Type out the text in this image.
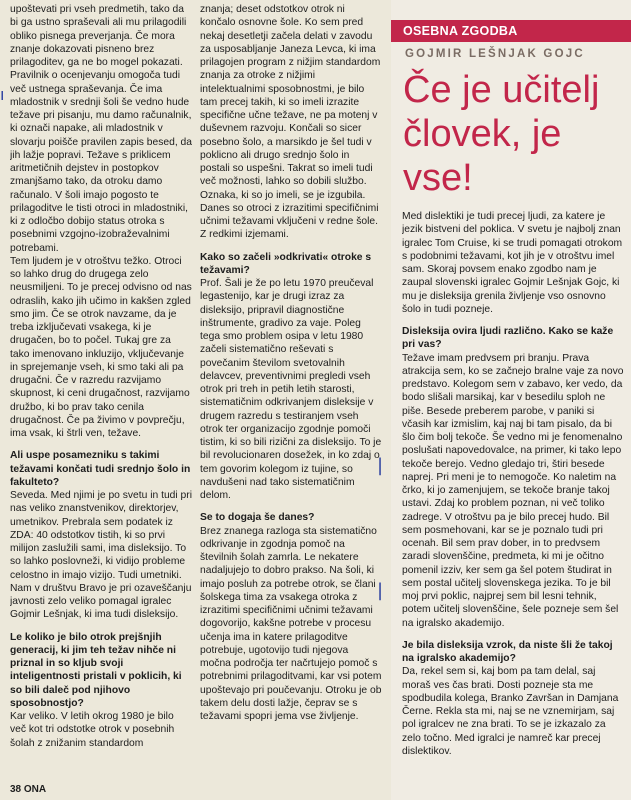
upoštevati pri vseh predmetih, tako da bi ga ustno spraševali ali mu prilagodili obliko pisnega preverjanja. Če mora znanje dokazovati pisneno brez prilagoditev, ga ne bo mogel pokazati. Pravilnik o ocenjevanju omogoča tudi več ustnega spraševanja. Če ima mladostnik v srednji šoli še vedno hude težave pri pisanju, mu damo računalnik, ki označi napake, ali mladostnik v slovarju poišče pravilen zapis besed, da jih lažje popravi. Težave s priklicem aritmetičnih dejstev in postopkov zmanjšamo tako, da otroku damo računalo. V šoli imajo pogosto te prilagoditve le tisti otroci in mladostniki, ki z odločbo dobijo status otroka s posebnimi vzgojno-izobraževalnimi potrebami.

Tem ljudem je v otroštvu težko. Otroci so lahko drug do drugega zelo neusmiljeni. To je precej odvisno od nas odraslih, kako jih učimo in kakšen zgled smo jim. Če se otrok navzame, da je treba izključevati vsakega, ki je drugačen, bo to počel. Tukaj gre za tako imenovano inkluzijo, vključevanje in sprejemanje vseh, ki smo taki ali pa drugačni. Če v razredu razvijamo skupnost, ki ceni drugačnost, razvijamo družbo, ki bo prav tako cenila drugačnost. Če pa živimo v povprečju, ima vsak, ki štrli ven, težave.

Ali uspe posamezniku s takimi težavami končati tudi srednjo šolo in fakulteto?

Seveda. Med njimi je po svetu in tudi pri nas veliko znanstvenikov, direktorjev, umetnikov. Prebrala sem podatek iz ZDA: 40 odstotkov tistih, ki so prvi milijon zaslužili sami, ima disleksijo. To so lahko poslovneži, ki vidijo probleme celostno in imajo vizijo. Tudi umetniki. Nam v društvu Bravo je pri ozaveščanju javnosti zelo veliko pomagal igralec Gojmir Lešnjak, ki ima tudi disleksijo.

Le koliko je bilo otrok prejšnjih generacij, ki jim teh težav nihče ni priznal in so kljub svoji inteligentnosti pristali v poklicih, ki so bili daleč pod njihovo sposobnostjo?

Kar veliko. V letih okrog 1980 je bilo več kot tri odstotke otrok v posebnih šolah z znižanim standardom

znanja; deset odstotkov otrok ni končalo osnovne šole. Ko sem pred nekaj desetletji začela delati v zavodu za usposabljanje Janeza Levca, ki ima prilagojen program z nižjim standardom znanja za otroke z nižjimi intelektualnimi sposobnostmi, je bilo tam precej takih, ki so imeli izrazite specifične učne težave, ne pa motenj v duševnem razvoju. Končali so sicer posebno šolo, a marsikdo je šel tudi v poklicno ali drugo srednjo šolo in postali so uspešni. Takrat so imeli tudi več možnosti, lahko so dobili službo. Oznaka, ki so jo imeli, se je izgubila. Danes so otroci z izrazitimi specifičnimi učnimi težavami vključeni v redne šole. Z redkimi izjemami.

Kako so začeli »odkrivati« otroke s težavami?

Prof. Šali je že po letu 1970 preučeval legastenijo, kar je drugi izraz za disleksijo, pripravil diagnostične inštrumente, gradivo za vaje. Poleg tega smo problem osipa v letu 1980 začeli sistematično reševati s povečanim številom svetovalnih delavcev, preventivnimi pregledi vseh otrok pri treh in petih letih starosti, sistematičnim odkrivanjem disleksije v drugem razredu s testiranjem vseh otrok ter organizacijo zgodnje pomoči tistim, ki so bili rizični za disleksijo. To je bil revolucionaren dosežek, in ko zdaj o tem govorim kolegom iz tujine, so navdušeni nad tako sistematičnim delom.

Se to dogaja še danes?

Brez znanega razloga sta sistematično odkrivanje in zgodnja pomoč na številnih šolah zamrla. Le nekatere nadaljujejo to dobro prakso. Na šoli, ki imajo posluh za potrebe otrok, se člani šolskega tima za vsakega otroka z izrazitimi specifičnimi učnimi težavami dogovorijo, kakšne potrebe v procesu učenja ima in katere prilagoditve potrebuje, ugotovijo tudi njegova močna področja ter načrtujejo pomoč s potrebnimi prilagoditvami, kar vsi potem upoštevajo pri poučevanju. Otroku je ob takem delu dosti lažje, čeprav se s težavami spopri jema vse življenje.

OSEBNA ZGODBA
GOJMIR LEŠNJAK GOJC
Če je učitelj človek, je vse!

Med dislektiki je tudi precej ljudi, za katere je jezik bistveni del poklica. V svetu je najbolj znan igralec Tom Cruise, ki se trudi pomagati otrokom s podobnimi težavami, kot jih je v otroštvu imel sam. Skoraj povsem enako zgodbo nam je zaupal slovenski igralec Gojmir Lešnjak Gojc, ki mu je disleksija grenila življenje vso osnovno šolo in tudi pozneje.

Disleksija ovira ljudi različno. Kako se kaže pri vas?

Težave imam predvsem pri branju. Prava atrakcija sem, ko se začnejo bralne vaje za novo predstavo. Kolegom sem v zabavo, ker vedo, da bodo slišali marsikaj, kar v besedilu sploh ne piše. Besede preberem parobe, v paniki si včasih kar izmislim, kaj naj bi tam pisalo, da bi šlo čim bolj tekoče. Še vedno mi je fenomenalno poslušati napovedovalce, na primer, ki tako lepo tekoče berejo. Vedno gledajo tri, štiri besede naprej. Pri meni je to nemogoče. Ko naletim na črko, ki jo zamenjujem, se tekoče branje takoj ustavi. Zdaj ko problem poznan, ni več toliko zadrege. V otroštvu pa je bilo precej hudo. Bil sem posmehovani, kar se je poznalo tudi pri ocenah. Bil sem prav dober, in to predvsem zaradi slovenščine, predmeta, ki mi je očitno pomenil izziv, ker sem ga šel potem študirat in sem postal učitelj slovenskega jezika. To je bil moj prvi poklic, najprej sem bil lesni tehnik, potem učitelj slovenščine, šele pozneje sem šel na igralsko akademijo.

Je bila disleksija vzrok, da niste šli že takoj na igralsko akademijo?

Da, rekel sem si, kaj bom pa tam delal, saj moraš ves čas brati. Dosti pozneje sta me spodbudila kolega, Branko Završan in Damjana Černe. Rekla sta mi, naj se ne vznemirjam, saj pol igralcev ne zna brati. To se je izkazalo za zelo točno. Med igralci je namreč kar precej dislektikov.

ı
|
|
38 ONA
